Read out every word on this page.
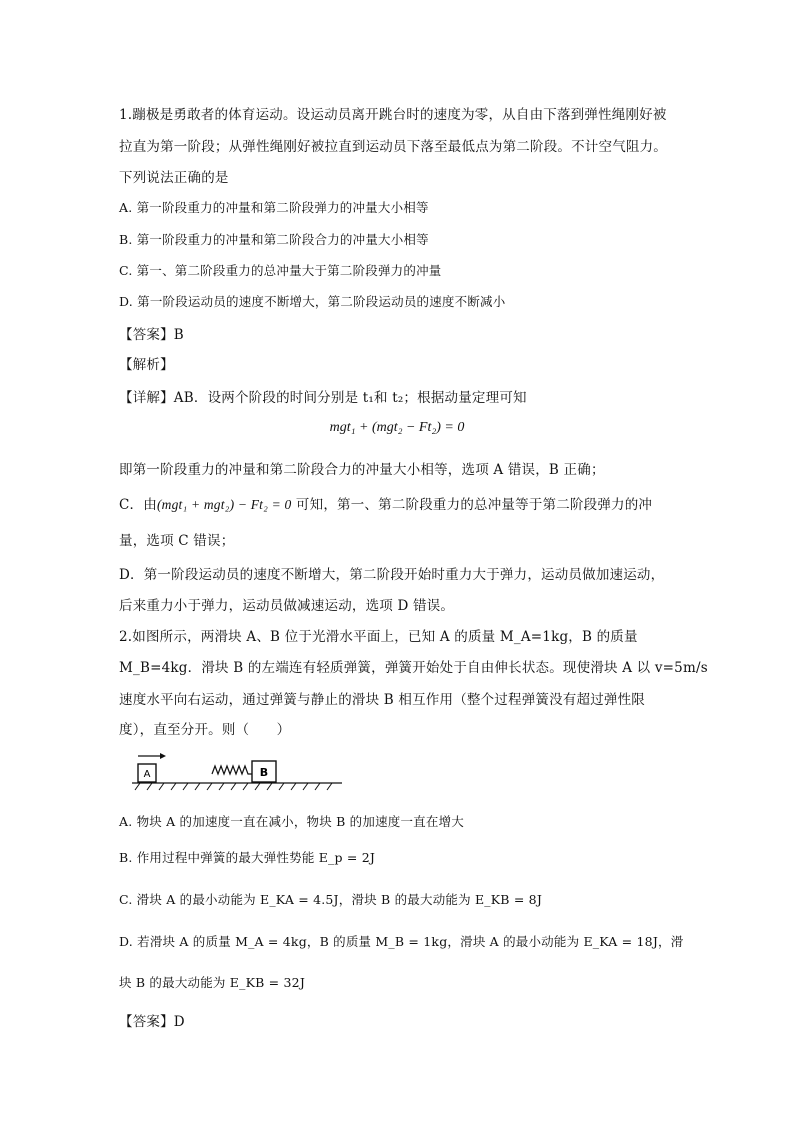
1.蹦极是勇敢者的体育运动。设运动员离开跳台时的速度为零，从自由下落到弹性绳刚好被
拉直为第一阶段；从弹性绳刚好被拉直到运动员下落至最低点为第二阶段。不计空气阻力。
下列说法正确的是
A. 第一阶段重力的冲量和第二阶段弹力的冲量大小相等
B. 第一阶段重力的冲量和第二阶段合力的冲量大小相等
C. 第一、第二阶段重力的总冲量大于第二阶段弹力的冲量
D. 第一阶段运动员的速度不断增大，第二阶段运动员的速度不断减小
【答案】B
【解析】
【详解】AB．设两个阶段的时间分别是 t₁和 t₂；根据动量定理可知
mgt₁ + (mgt₂ − Ft₂) = 0
即第一阶段重力的冲量和第二阶段合力的冲量大小相等，选项 A 错误，B 正确；
C．由(mgt₁ + mgt₂) − Ft₂ = 0 可知，第一、第二阶段重力的总冲量等于第二阶段弹力的冲
量，选项 C 错误；
D．第一阶段运动员的速度不断增大，第二阶段开始时重力大于弹力，运动员做加速运动，
后来重力小于弹力，运动员做减速运动，选项 D 错误。
2.如图所示，两滑块 A、B 位于光滑水平面上，已知 A 的质量 M_A=1kg，B 的质量
M_B=4kg．滑块 B 的左端连有轻质弹簧，弹簧开始处于自由伸长状态。现使滑块 A 以 v=5m/s
速度水平向右运动，通过弹簧与静止的滑块 B 相互作用（整个过程弹簧没有超过弹性限
度），直至分开。则（　　）
A	B
A. 物块 A 的加速度一直在减小，物块 B 的加速度一直在增大
B. 作用过程中弹簧的最大弹性势能 E_p = 2J
C. 滑块 A 的最小动能为 E_KA = 4.5J，滑块 B 的最大动能为 E_KB = 8J
D. 若滑块 A 的质量 M_A = 4kg，B 的质量 M_B = 1kg，滑块 A 的最小动能为 E_KA = 18J，滑
块 B 的最大动能为 E_KB = 32J
【答案】D
